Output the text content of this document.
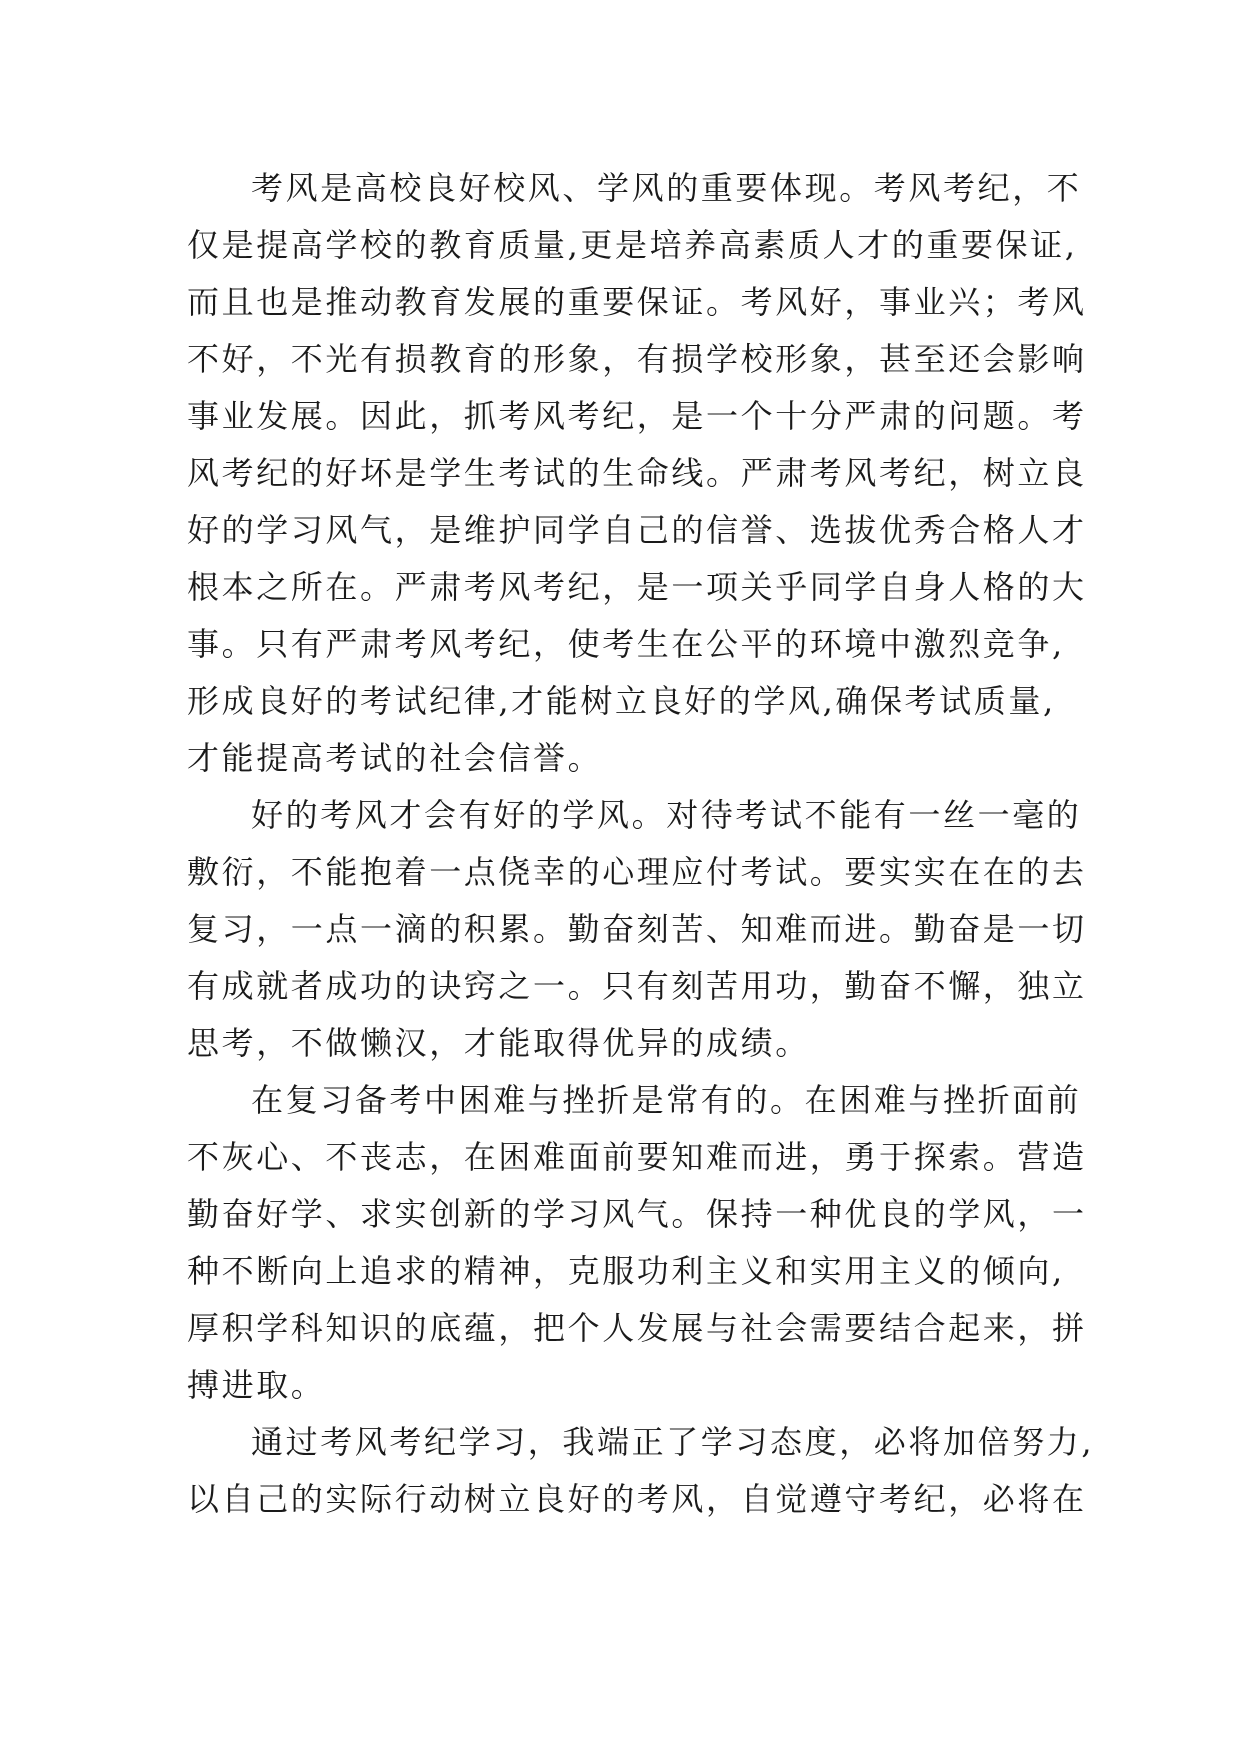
考风是高校良好校风、学风的重要体现。考风考纪，不
仅是提高学校的教育质量,更是培养高素质人才的重要保证,
而且也是推动教育发展的重要保证。考风好，事业兴；考风
不好，不光有损教育的形象，有损学校形象，甚至还会影响
事业发展。因此，抓考风考纪，是一个十分严肃的问题。考
风考纪的好坏是学生考试的生命线。严肃考风考纪，树立良
好的学习风气，是维护同学自己的信誉、选拔优秀合格人才
根本之所在。严肃考风考纪，是一项关乎同学自身人格的大
事。只有严肃考风考纪，使考生在公平的环境中激烈竞争,
形成良好的考试纪律,才能树立良好的学风,确保考试质量,
才能提高考试的社会信誉。
好的考风才会有好的学风。对待考试不能有一丝一毫的
敷衍，不能抱着一点侥幸的心理应付考试。要实实在在的去
复习，一点一滴的积累。勤奋刻苦、知难而进。勤奋是一切
有成就者成功的诀窍之一。只有刻苦用功，勤奋不懈，独立
思考，不做懒汉，才能取得优异的成绩。
在复习备考中困难与挫折是常有的。在困难与挫折面前
不灰心、不丧志，在困难面前要知难而进，勇于探索。营造
勤奋好学、求实创新的学习风气。保持一种优良的学风，一
种不断向上追求的精神，克服功利主义和实用主义的倾向,
厚积学科知识的底蕴，把个人发展与社会需要结合起来，拼
搏进取。
通过考风考纪学习，我端正了学习态度，必将加倍努力,
以自己的实际行动树立良好的考风，自觉遵守考纪，必将在
